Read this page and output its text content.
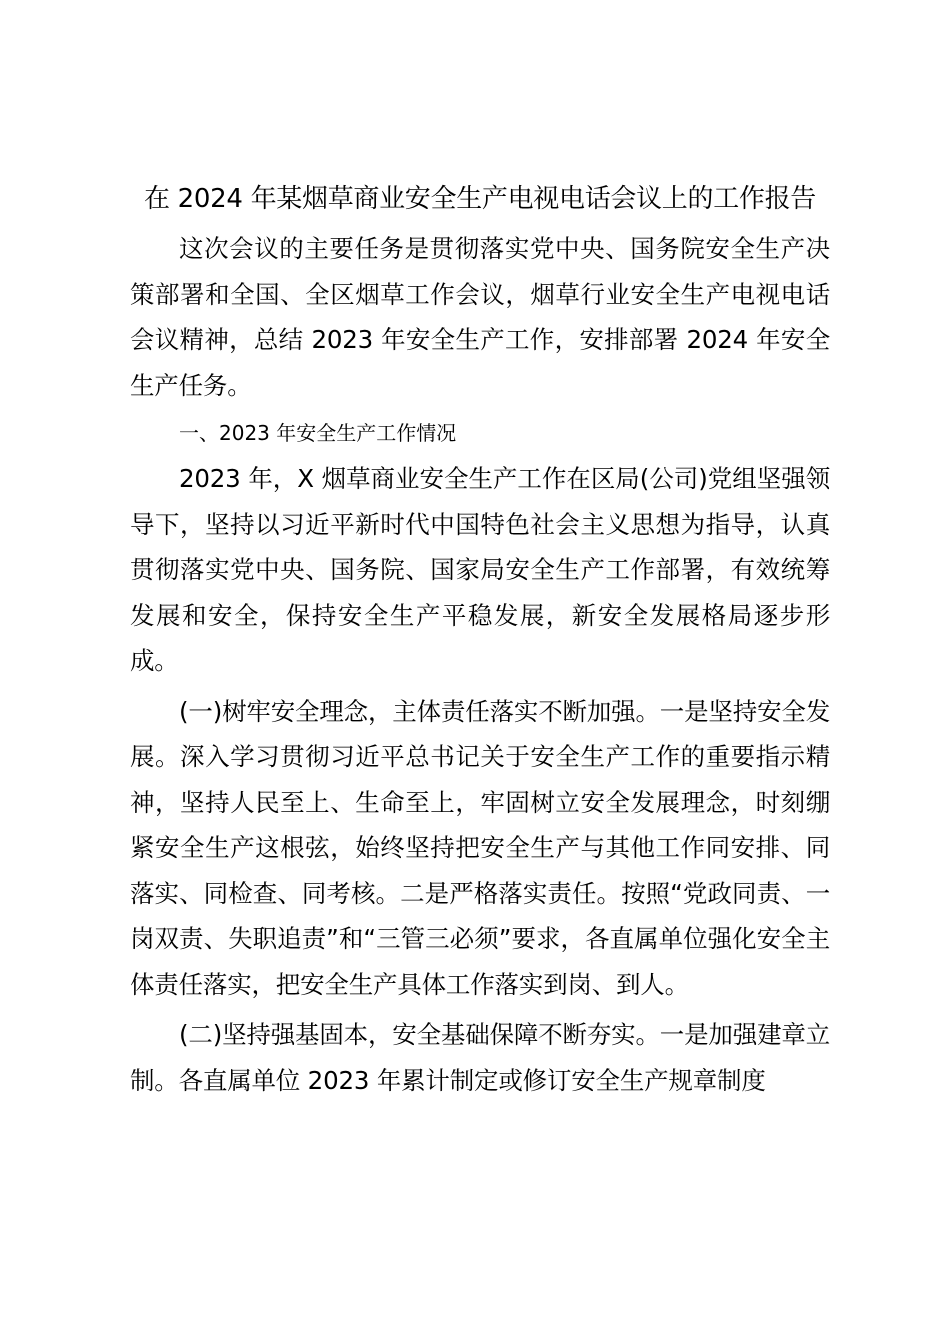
在 2024 年某烟草商业安全生产电视电话会议上的工作报告

这次会议的主要任务是贯彻落实党中央、国务院安全生产决策部署和全国、全区烟草工作会议，烟草行业安全生产电视电话会议精神，总结 2023 年安全生产工作，安排部署 2024 年安全生产任务。

一、2023 年安全生产工作情况

2023 年，X 烟草商业安全生产工作在区局(公司)党组坚强领导下，坚持以习近平新时代中国特色社会主义思想为指导，认真贯彻落实党中央、国务院、国家局安全生产工作部署，有效统筹发展和安全，保持安全生产平稳发展，新安全发展格局逐步形成。

(一)树牢安全理念，主体责任落实不断加强。一是坚持安全发展。深入学习贯彻习近平总书记关于安全生产工作的重要指示精神，坚持人民至上、生命至上，牢固树立安全发展理念，时刻绷紧安全生产这根弦，始终坚持把安全生产与其他工作同安排、同落实、同检查、同考核。二是严格落实责任。按照“党政同责、一岗双责、失职追责”和“三管三必须”要求，各直属单位强化安全主体责任落实，把安全生产具体工作落实到岗、到人。

(二)坚持强基固本，安全基础保障不断夯实。一是加强建章立制。各直属单位 2023 年累计制定或修订安全生产规章制度
